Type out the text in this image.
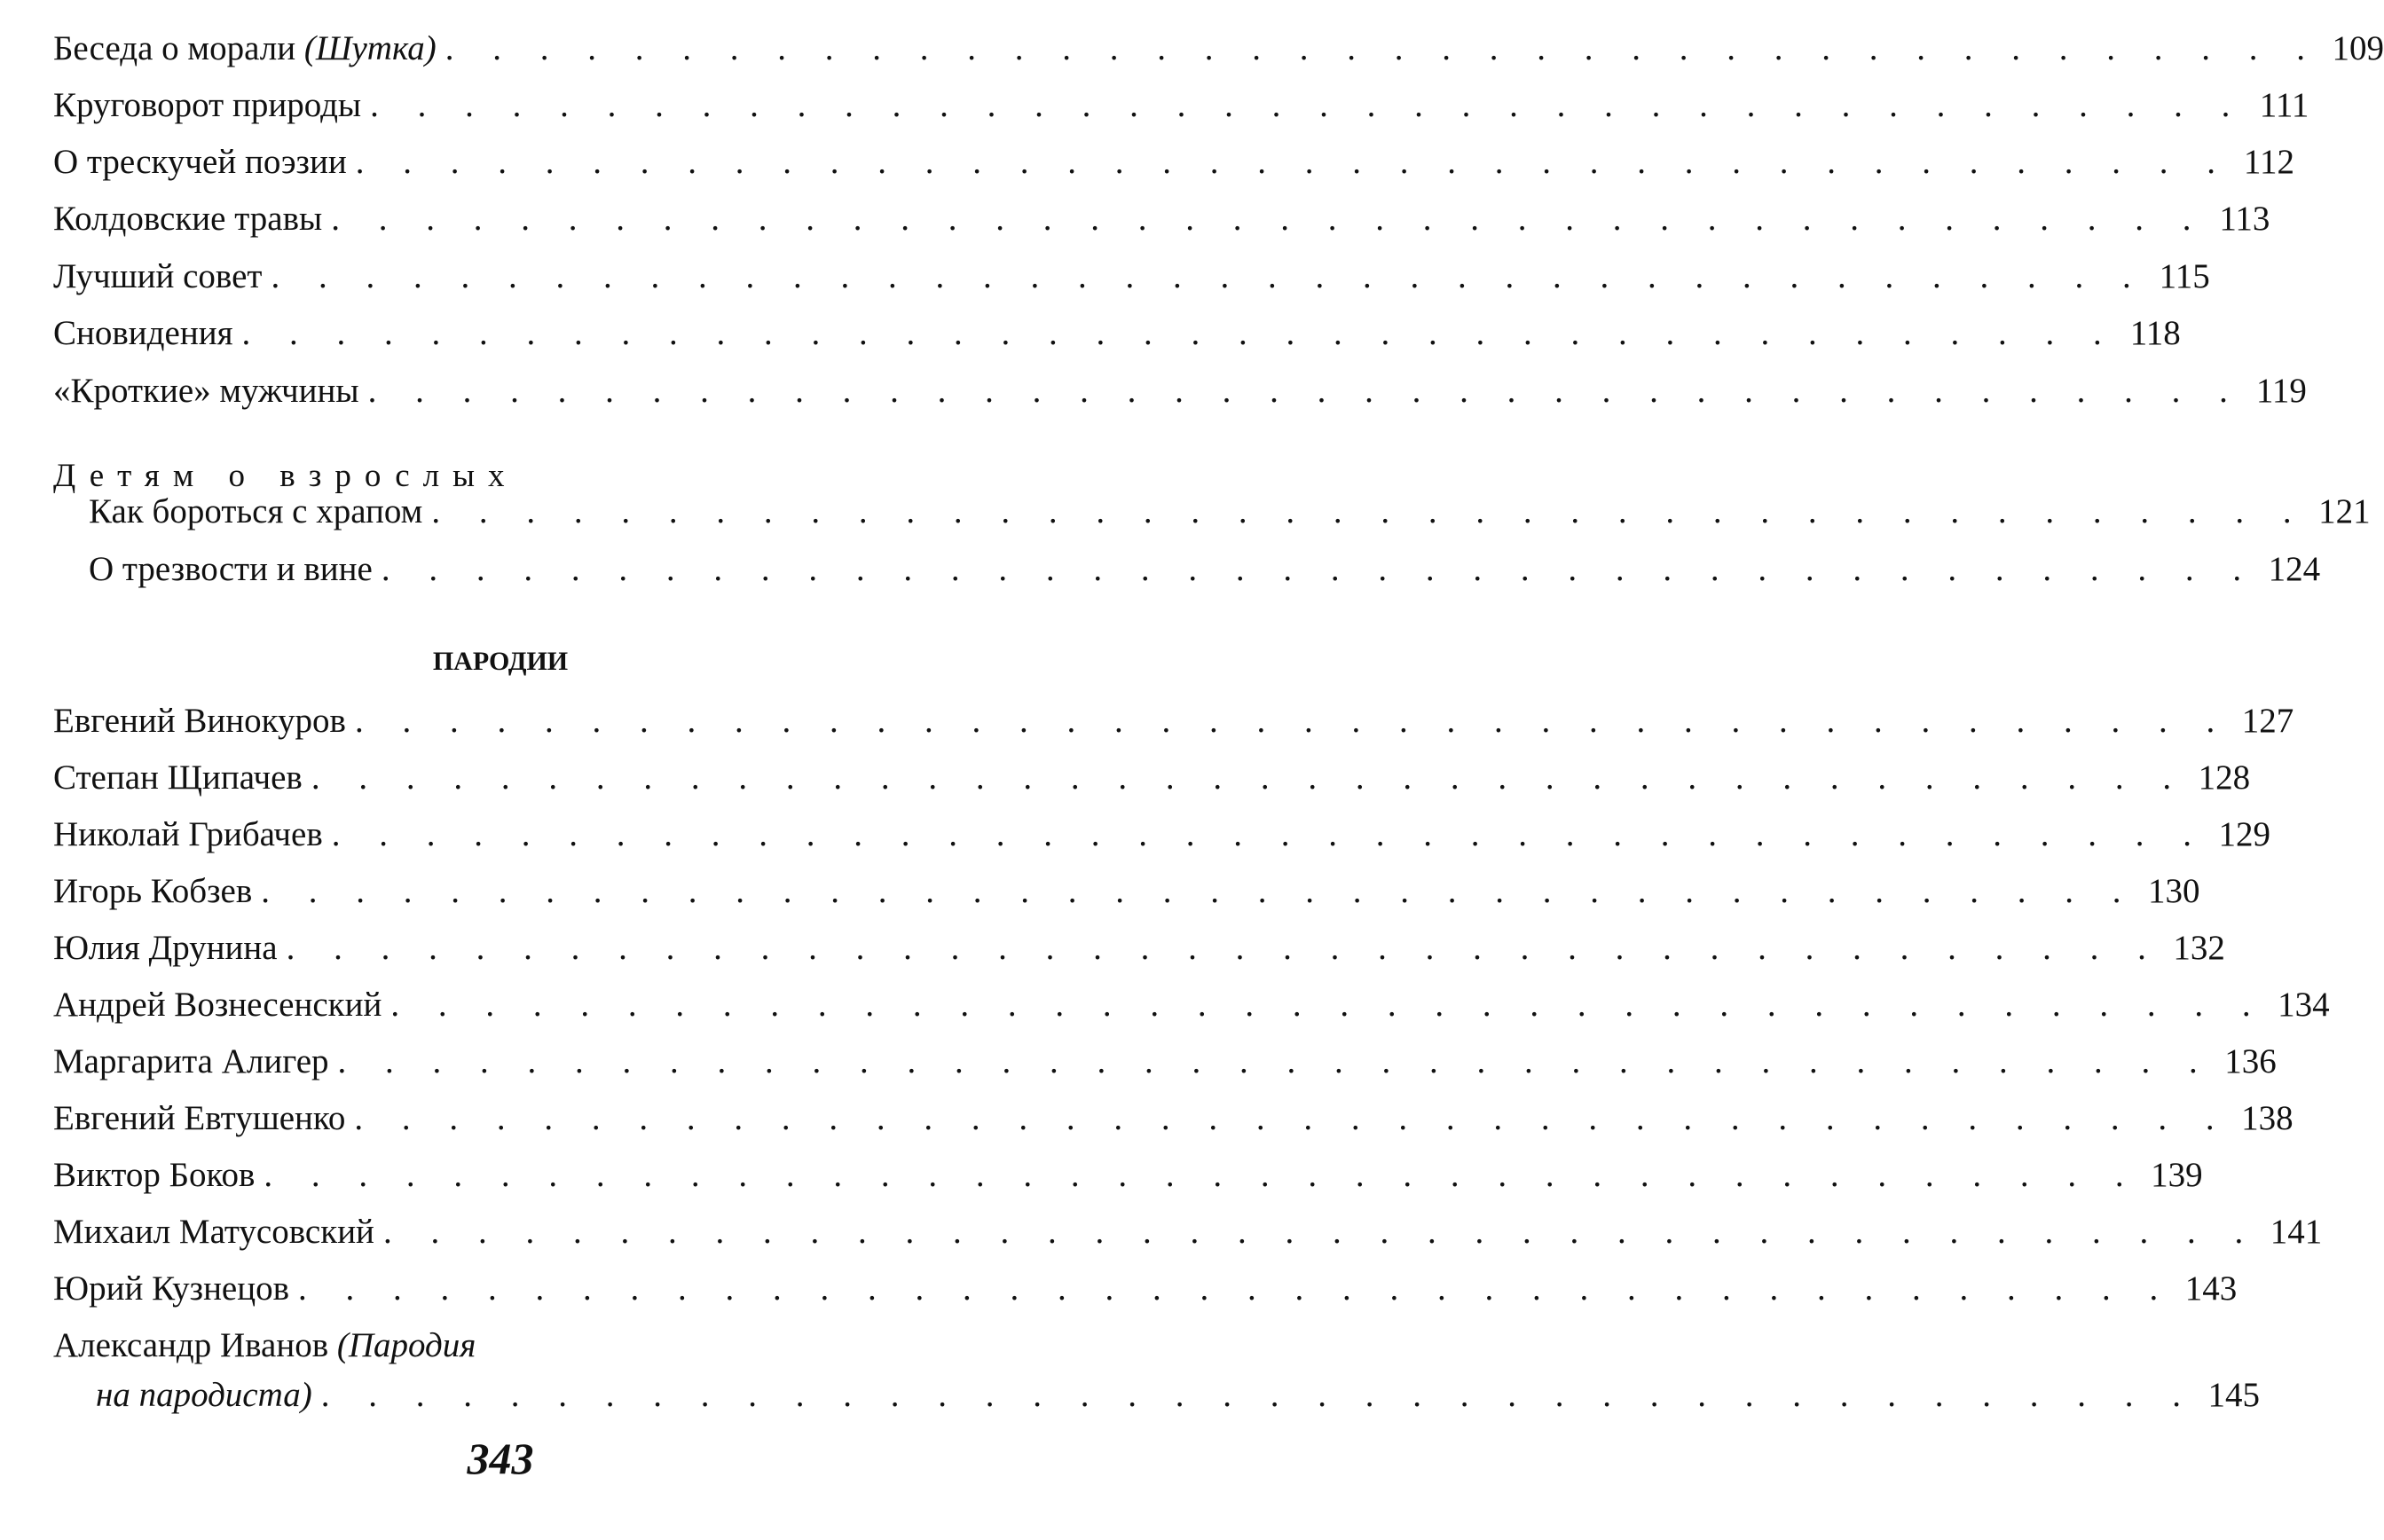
Беседа о морали (Шутка) . . . . . . . . . . . . . . . . . . . . . . . . . . . . . . . . . . . . . . . . 109
Круговорот природы . . . . . . . . . . . . . . . . . . . . . . . . . . . . . . . . . . . . . . . . 111
О трескучей поэзии . . . . . . . . . . . . . . . . . . . . . . . . . . . . . . . . . . . . . . . . 112
Колдовские травы . . . . . . . . . . . . . . . . . . . . . . . . . . . . . . . . . . . . . . . . 113
Лучший совет . . . . . . . . . . . . . . . . . . . . . . . . . . . . . . . . . . . . . . . . 115
Сновидения . . . . . . . . . . . . . . . . . . . . . . . . . . . . . . . . . . . . . . . . 118
«Кроткие» мужчины . . . . . . . . . . . . . . . . . . . . . . . . . . . . . . . . . . . . . . . . 119
Детям о взрослых
Как бороться с храпом . . . . . . . . . . . . . . . . . . . . . . . . . . . . . . . . . . . . . . . . 121
О трезвости и вине . . . . . . . . . . . . . . . . . . . . . . . . . . . . . . . . . . . . . . . . 124
ПАРОДИИ
Евгений Винокуров . . . . . . . . . . . . . . . . . . . . . . . . . . . . . . . . . . . . . . . . 127
Степан Щипачев . . . . . . . . . . . . . . . . . . . . . . . . . . . . . . . . . . . . . . . . 128
Николай Грибачев . . . . . . . . . . . . . . . . . . . . . . . . . . . . . . . . . . . . . . . . 129
Игорь Кобзев . . . . . . . . . . . . . . . . . . . . . . . . . . . . . . . . . . . . . . . . 130
Юлия Друнина . . . . . . . . . . . . . . . . . . . . . . . . . . . . . . . . . . . . . . . . 132
Андрей Вознесенский . . . . . . . . . . . . . . . . . . . . . . . . . . . . . . . . . . . . . . . . 134
Маргарита Алигер . . . . . . . . . . . . . . . . . . . . . . . . . . . . . . . . . . . . . . . . 136
Евгений Евтушенко . . . . . . . . . . . . . . . . . . . . . . . . . . . . . . . . . . . . . . . . 138
Виктор Боков . . . . . . . . . . . . . . . . . . . . . . . . . . . . . . . . . . . . . . . . 139
Михаил Матусовский . . . . . . . . . . . . . . . . . . . . . . . . . . . . . . . . . . . . . . . . 141
Юрий Кузнецов . . . . . . . . . . . . . . . . . . . . . . . . . . . . . . . . . . . . . . . . 143
Александр Иванов (Пародия
на пародиста) . . . . . . . . . . . . . . . . . . . . . . . . . . . . . . . . . . . . . . . . 145
343
